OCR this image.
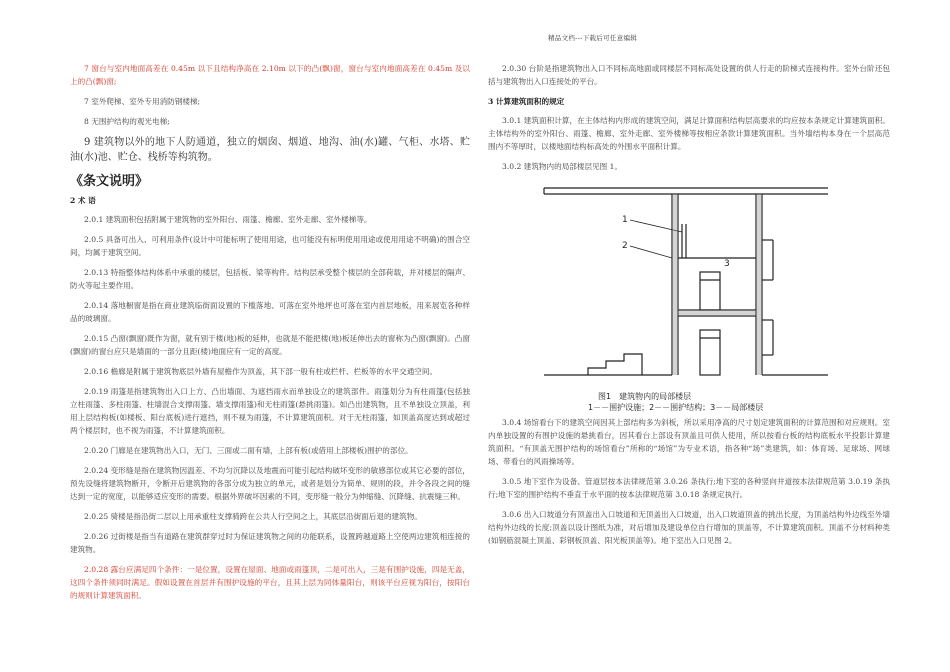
精品文档---下载后可任意编辑

7 窗台与室内地面高差在 0.45m 以下且结构净高在 2.10m 以下的凸(飘)窗，窗台与室内地面高差在 0.45m 及以上的凸(飘)窗;

7 室外爬梯、室外专用消防钢楼梯;

8 无围护结构的观光电梯;

9 建筑物以外的地下人防通道，独立的烟囱、烟道、地沟、油(水)罐、气柜、水塔、贮油(水)池、贮仓、栈桥等构筑物。

《条文说明》

2 术 语

2.0.1 建筑面积包括附属于建筑物的室外阳台、雨篷、檐廊、室外走廊、室外楼梯等。

2.0.5 具备可出入、可利用条件(设计中可能标明了使用用途，也可能没有标明使用用途或使用用途不明确)的围合空间，均属于建筑空间。

2.0.13 特指整体结构体系中承重的楼层，包括板、梁等构件。结构层承受整个楼层的全部荷载，并对楼层的隔声、防火等起主要作用。

2.0.14 落地橱窗是指在商业建筑临街面设置的下槛落地、可落在室外地坪也可落在室内首层地板，用来展览各种样品的玻璃窗。

2.0.15 凸窗(飘窗)既作为窗，就有别于楼(地)板的延伸，也就是不能把楼(地)板延伸出去的窗称为凸窗(飘窗)。凸窗(飘窗)的窗台应只是墙面的一部分且距(楼)地面应有一定的高度。

2.0.16 檐廊是附属于建筑物底层外墙有屋檐作为顶盖，其下部一般有柱或栏杆、栏板等的水平交通空间。

2.0.19 雨篷是指建筑物出入口上方、凸出墙面、为遮挡雨水而单独设立的建筑部件。雨篷划分为有柱雨篷(包括独立柱雨篷、多柱雨篷、柱墙混合支撑雨篷、墙支撑雨篷)和无柱雨篷(悬挑雨篷)。如凸出建筑物，且不单独设立顶盖，利用上层结构板(如楼板、阳台底板)进行遮挡，则不视为雨篷，不计算建筑面积。对于无柱雨篷，如顶盖高度达到或超过两个楼层时，也不视为雨篷，不计算建筑面积。

2.0.20 门廊是在建筑物出入口，无门、三面或二面有墙，上部有板(或借用上部楼板)围护的部位。

2.0.24 变形缝是指在建筑物因温差、不均匀沉降以及地震而可能引起结构破坏变形的敏感部位或其它必要的部位，预先设缝将建筑物断开，令断开后建筑物的各部分成为独立的单元，或者是划分为简单、规则的段，并令各段之间的缝达到一定的宽度，以能够适应变形的需要。根据外界破坏因素的不同，变形缝一般分为伸缩缝、沉降缝、抗震缝三种。

2.0.25 骑楼是指沿街二层以上用承重柱支撑骑跨在公共人行空间之上，其底层沿街面后退的建筑物。

2.0.26 过街楼是指当有道路在建筑群穿过时为保证建筑物之间的功能联系，设置跨越道路上空使两边建筑相连接的建筑物。

2.0.28 露台应满足四个条件：一是位置，设置在屋面、地面或雨篷顶，二是可出入，三是有围护设施，四是无盖，这四个条件须同时满足。假如设置在首层并有围护设施的平台，且其上层为同体量阳台，则该平台应视为阳台，按阳台的规则计算建筑面积。

2.0.30 台阶是指建筑物出入口不同标高地面或同楼层不同标高处设置的供人行走的阶梯式连接构件。室外台阶还包括与建筑物出入口连接处的平台。

3 计算建筑面积的规定

3.0.1 建筑面积计算，在主体结构内形成的建筑空间，满足计算面积结构层高要求的均应按本条规定计算建筑面积。主体结构外的室外阳台、雨篷、檐廊、室外走廊、室外楼梯等按相应条款计算建筑面积。当外墙结构本身在一个层高范围内不等厚时，以楼地面结构标高处的外围水平面积计算。

3.0.2 建筑物内的局部楼层见图 1。

1
2
3
图1　建筑物内的局部楼层
1－－围护设施；2－－围护结构；3－－局部楼层

3.0.4 场馆看台下的建筑空间因其上部结构多为斜板，所以采用净高的尺寸划定建筑面积的计算范围和对应规则。室内单独设置的有围护设施的悬挑看台，因其看台上部设有顶盖且可供人使用，所以按看台板的结构底板水平投影计算建筑面积。“有顶盖无围护结构的场馆看台”所称的“场馆”为专业术语，指各种“场”类建筑，如：体育场、足球场、网球场、带看台的风雨操场等。

3.0.5 地下室作为设备、管道层按本法律规范第 3.0.26 条执行;地下室的各种竖向井道按本法律规范第 3.0.19 条执行;地下室的围护结构不垂直于水平面的按本法律规范第 3.0.18 条规定执行。

3.0.6 出入口坡道分有顶盖出入口坡道和无顶盖出入口坡道，出入口坡道顶盖的挑出长度，为顶盖结构外边线至外墙结构外边线的长度;顶盖以设计图纸为准，对后增加及建设单位自行增加的顶盖等，不计算建筑面积。顶盖不分材料种类(如钢筋混凝土顶盖、彩钢板顶盖、阳光板顶盖等)。地下室出入口见图 2。
